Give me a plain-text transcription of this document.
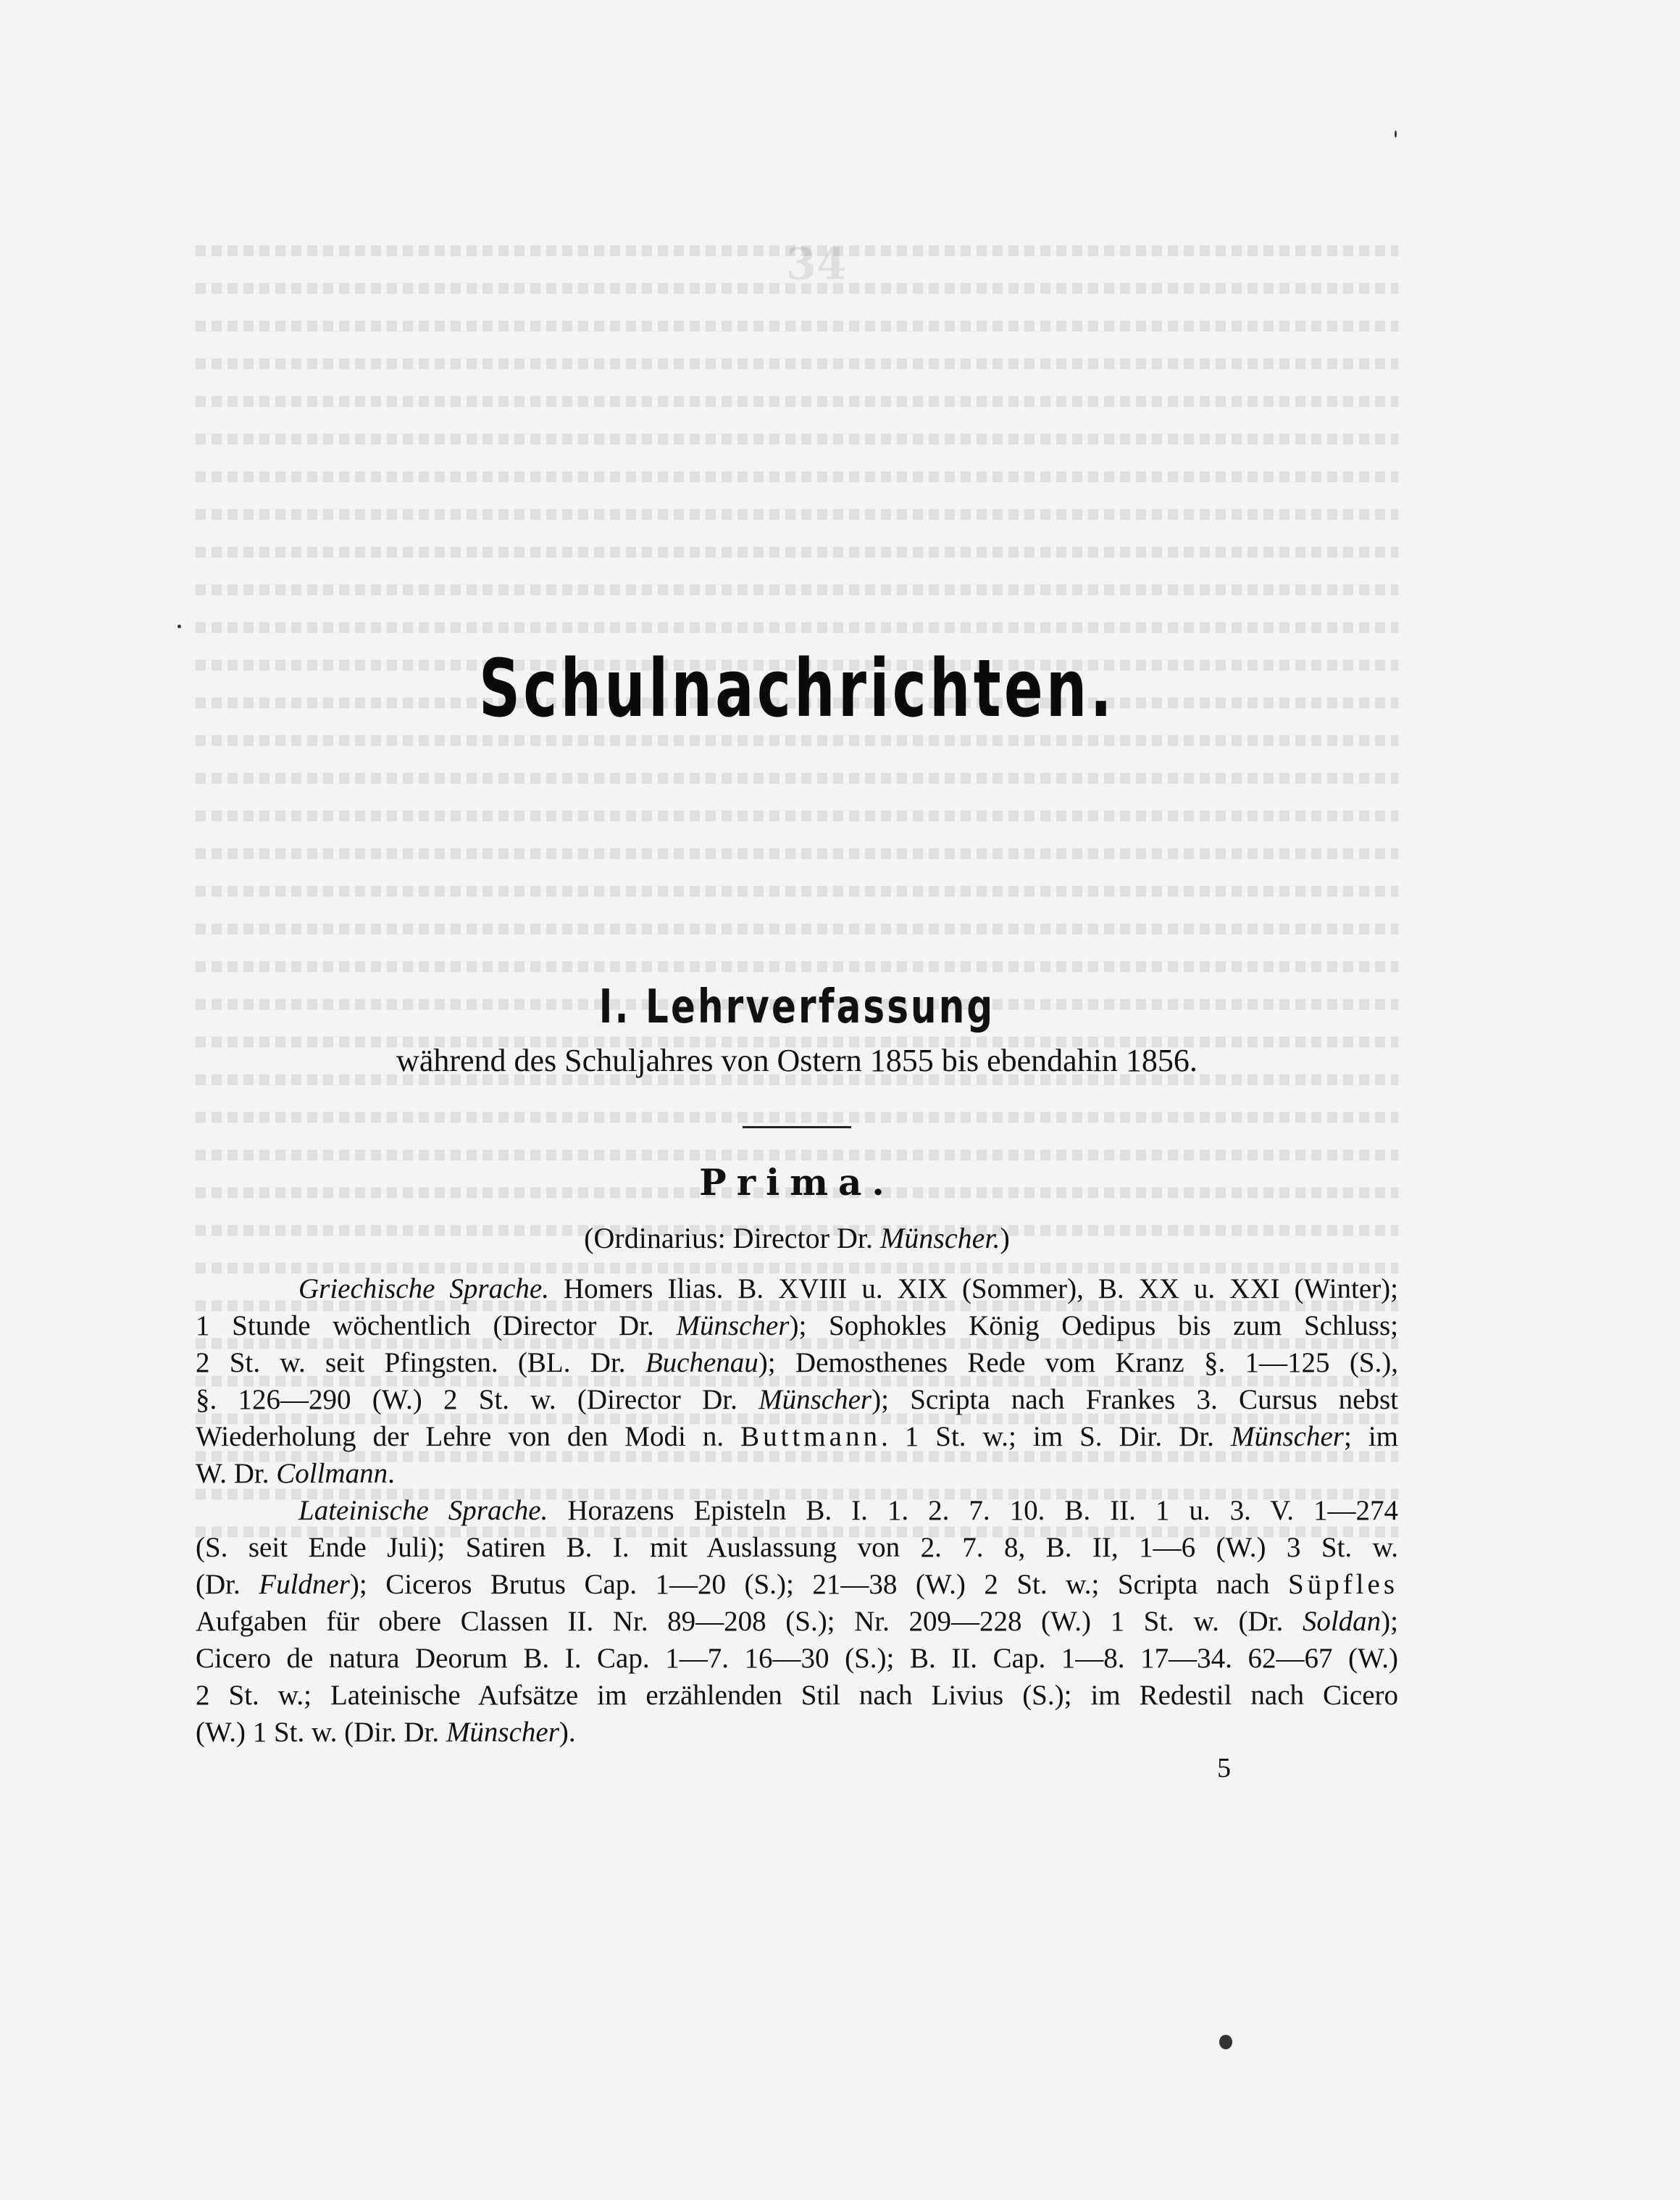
34
Schulnachrichten.
I. Lehrverfassung
während des Schuljahres von Ostern 1855 bis ebendahin 1856.
Prima.
(Ordinarius: Director Dr. Münscher.)
Griechische Sprache. Homers Ilias. B. XVIII u. XIX (Sommer), B. XX u. XXI (Winter);
1 Stunde wöchentlich (Director Dr. Münscher); Sophokles König Oedipus bis zum Schluss;
2 St. w. seit Pfingsten. (BL. Dr. Buchenau); Demosthenes Rede vom Kranz §. 1—125 (S.),
§. 126—290 (W.) 2 St. w. (Director Dr. Münscher); Scripta nach Frankes 3. Cursus nebst
Wiederholung der Lehre von den Modi n. Buttmann. 1 St. w.; im S. Dir. Dr. Münscher; im
W. Dr. Collmann.
Lateinische Sprache. Horazens Episteln B. I. 1. 2. 7. 10. B. II. 1 u. 3. V. 1—274
(S. seit Ende Juli); Satiren B. I. mit Auslassung von 2. 7. 8, B. II, 1—6 (W.) 3 St. w.
(Dr. Fuldner); Ciceros Brutus Cap. 1—20 (S.); 21—38 (W.) 2 St. w.; Scripta nach Süpfles
Aufgaben für obere Classen II. Nr. 89—208 (S.); Nr. 209—228 (W.) 1 St. w. (Dr. Soldan);
Cicero de natura Deorum B. I. Cap. 1—7. 16—30 (S.); B. II. Cap. 1—8. 17—34. 62—67 (W.)
2 St. w.; Lateinische Aufsätze im erzählenden Stil nach Livius (S.); im Redestil nach Cicero
(W.) 1 St. w. (Dir. Dr. Münscher).
5
